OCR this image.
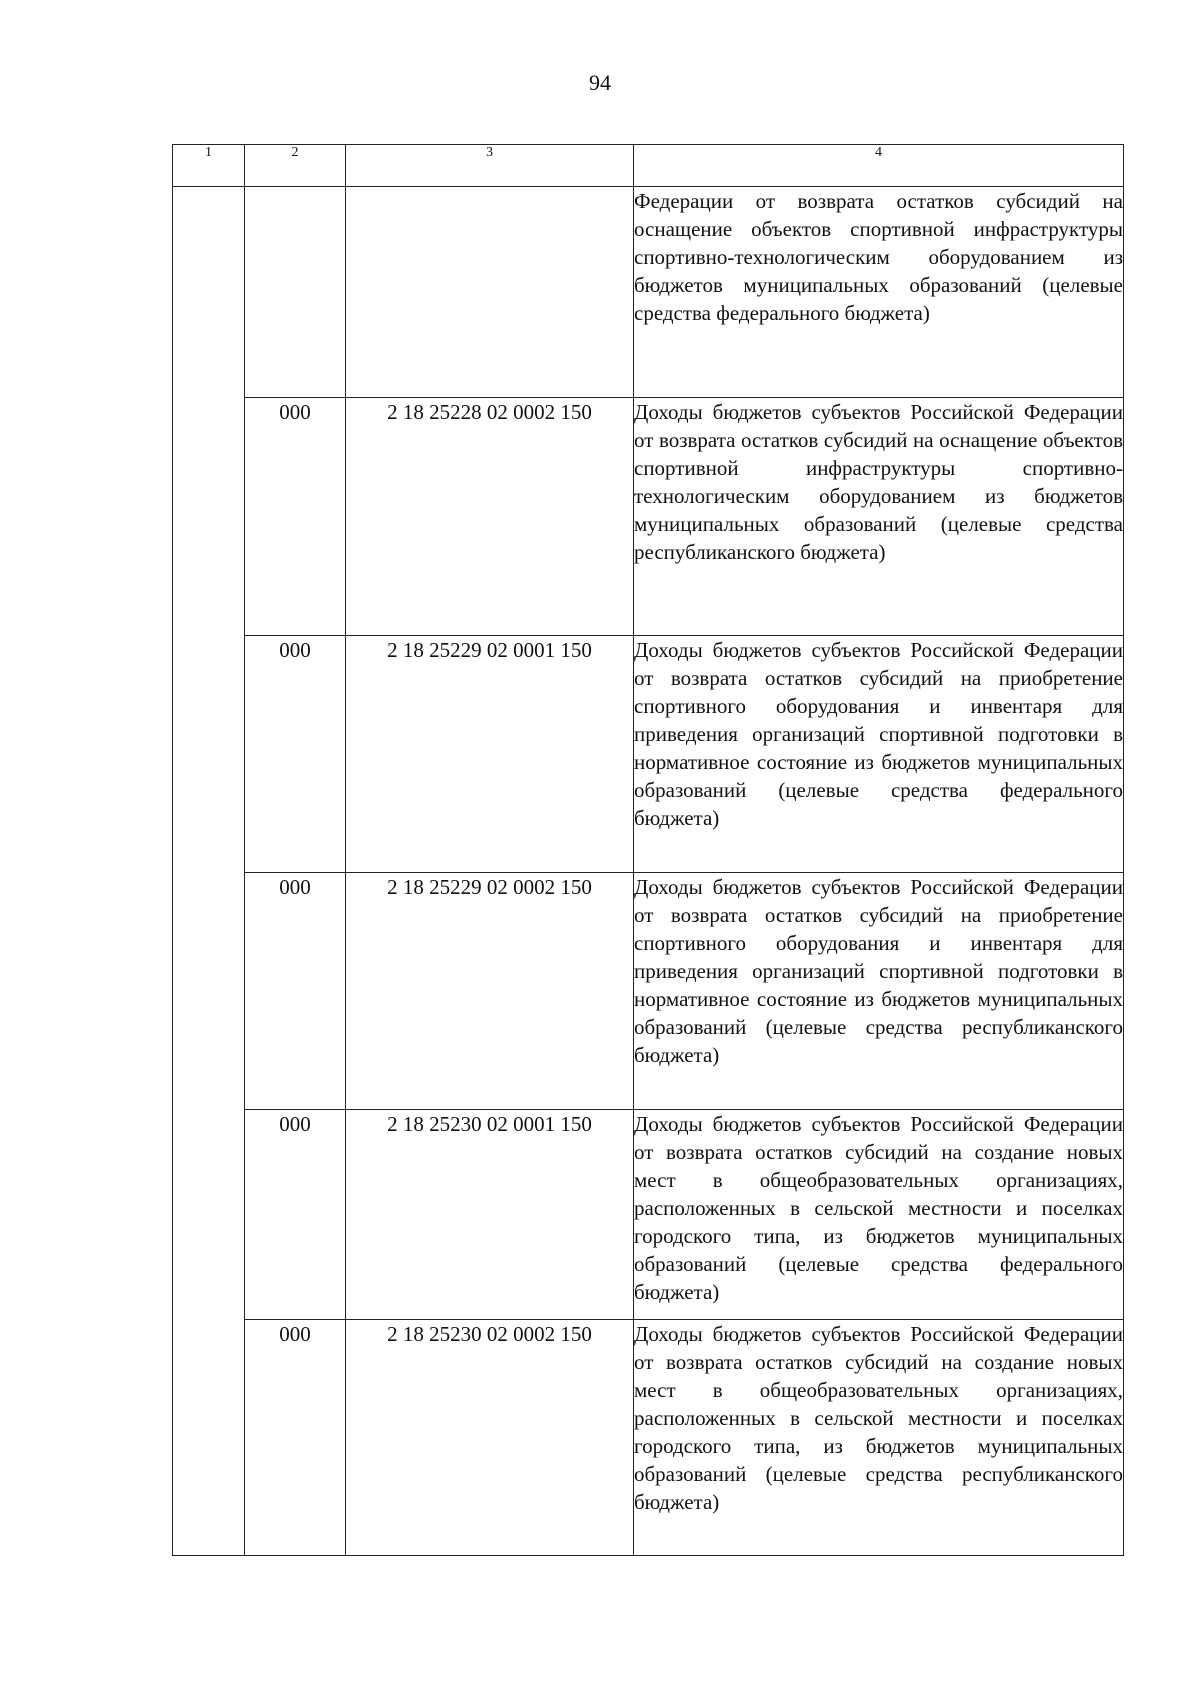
94
1	2	3	4
			Федерации от возврата остатков субсидий на оснащение объектов спортивной инфраструктуры спортивно-технологическим оборудованием из бюджетов муниципальных образований (целевые средства федерального бюджета)
	000	2 18 25228 02 0002 150	Доходы бюджетов субъектов Российской Федерации от возврата остатков субсидий на оснащение объектов спортивной инфраструктуры спортивно-технологическим оборудованием из бюджетов муниципальных образований (целевые средства республиканского бюджета)
	000	2 18 25229 02 0001 150	Доходы бюджетов субъектов Российской Федерации от возврата остатков субсидий на приобретение спортивного оборудования и инвентаря для приведения организаций спортивной подготовки в нормативное состояние из бюджетов муниципальных образований (целевые средства федерального бюджета)
	000	2 18 25229 02 0002 150	Доходы бюджетов субъектов Российской Федерации от возврата остатков субсидий на приобретение спортивного оборудования и инвентаря для приведения организаций спортивной подготовки в нормативное состояние из бюджетов муниципальных образований (целевые средства республиканского бюджета)
	000	2 18 25230 02 0001 150	Доходы бюджетов субъектов Российской Федерации от возврата остатков субсидий на создание новых мест в общеобразовательных организациях, расположенных в сельской местности и поселках городского типа, из бюджетов муниципальных образований (целевые средства федерального бюджета)
	000	2 18 25230 02 0002 150	Доходы бюджетов субъектов Российской Федерации от возврата остатков субсидий на создание новых мест в общеобразовательных организациях, расположенных в сельской местности и поселках городского типа, из бюджетов муниципальных образований (целевые средства республиканского бюджета)
